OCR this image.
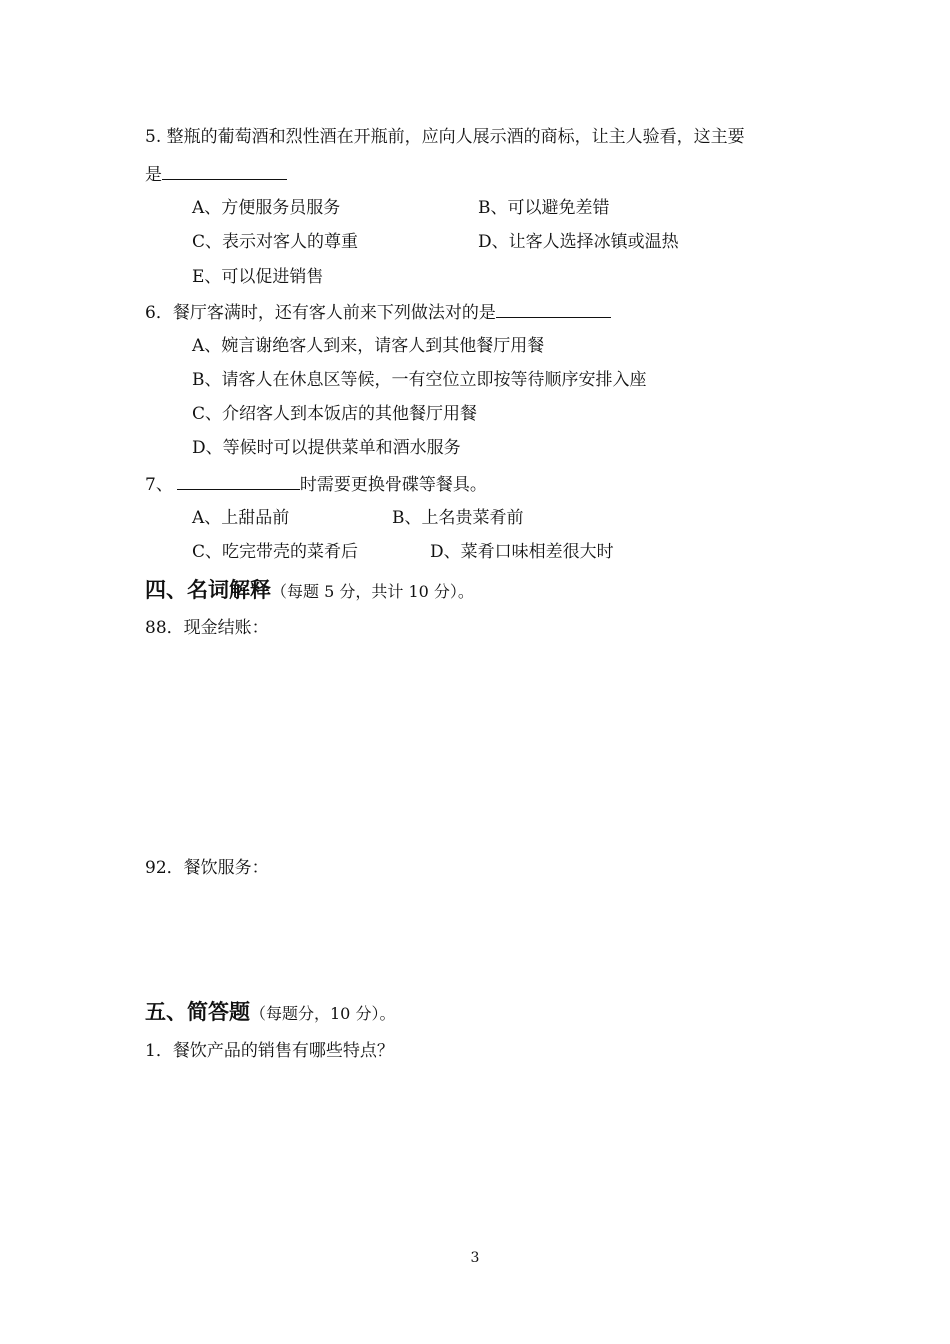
5. 整瓶的葡萄酒和烈性酒在开瓶前，应向人展示酒的商标，让主人验看，这主要
是
A、方便服务员服务	B、可以避免差错
C、表示对客人的尊重	D、让客人选择冰镇或温热
E、可以促进销售
6．餐厅客满时，还有客人前来下列做法对的是
A、婉言谢绝客人到来，请客人到其他餐厅用餐
B、请客人在休息区等候，一有空位立即按等待顺序安排入座
C、介绍客人到本饭店的其他餐厅用餐
D、等候时可以提供菜单和酒水服务
7、	时需要更换骨碟等餐具。
A、上甜品前	B、上名贵菜肴前
C、吃完带壳的菜肴后	D、菜肴口味相差很大时
四、名词解释（每题 5 分，共计 10 分）。
88．现金结账：
92．餐饮服务：
五、简答题（每题分，10 分）。
1．餐饮产品的销售有哪些特点？
3
